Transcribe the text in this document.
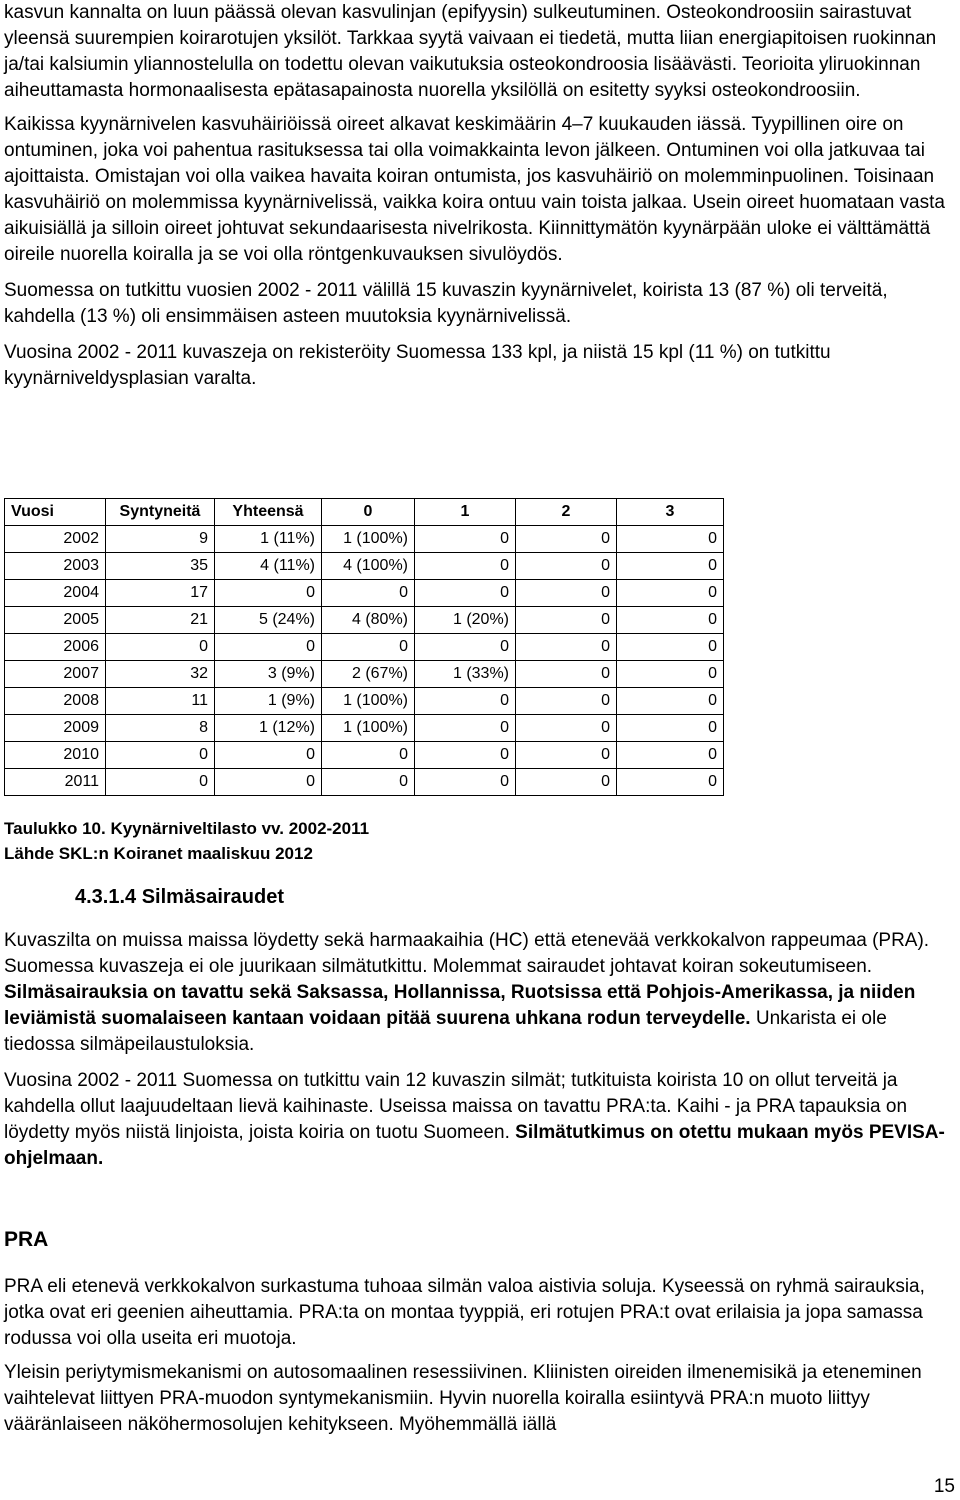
kasvun kannalta on luun päässä olevan kasvulinjan (epifyysin) sulkeutuminen. Osteokondroosiin sairastuvat yleensä suurempien koirarotujen yksilöt. Tarkkaa syytä vaivaan ei tiedetä, mutta liian energiapitoisen ruokinnan ja/tai kalsiumin yliannostelulla on todettu olevan vaikutuksia osteokondroosia lisäävästi. Teorioita yliruokinnan aiheuttamasta hormonaalisesta epätasapainosta nuorella yksilöllä on esitetty syyksi osteokondroosiin.

Kaikissa kyynärnivelen kasvuhäiriöissä oireet alkavat keskimäärin 4–7 kuukauden iässä. Tyypillinen oire on ontuminen, joka voi pahentua rasituksessa tai olla voimakkainta levon jälkeen. Ontuminen voi olla jatkuvaa tai ajoittaista. Omistajan voi olla vaikea havaita koiran ontumista, jos kasvuhäiriö on molemminpuolinen. Toisinaan kasvuhäiriö on molemmissa kyynärnivelissä, vaikka koira ontuu vain toista jalkaa. Usein oireet huomataan vasta aikuisiällä ja silloin oireet johtuvat sekundaarisesta nivelrikosta. Kiinnittymätön kyynärpään uloke ei välttämättä oireile nuorella koiralla ja se voi olla röntgenkuvauksen sivulöydös.

Suomessa on tutkittu vuosien 2002 - 2011 välillä 15 kuvaszin kyynärnivelet, koirista 13 (87 %) oli terveitä, kahdella (13 %) oli ensimmäisen asteen muutoksia kyynärnivelissä.

Vuosina 2002 - 2011 kuvaszeja on rekisteröity Suomessa 133 kpl, ja niistä 15 kpl (11 %) on tutkittu kyynärniveldysplasian varalta.

Vuosi	Syntyneitä	Yhteensä	0	1	2	3
2002	9	1 (11%)	1 (100%)	0	0	0
2003	35	4 (11%)	4 (100%)	0	0	0
2004	17	0	0	0	0	0
2005	21	5 (24%)	4 (80%)	1 (20%)	0	0
2006	0	0	0	0	0	0
2007	32	3 (9%)	2 (67%)	1 (33%)	0	0
2008	11	1 (9%)	1 (100%)	0	0	0
2009	8	1 (12%)	1 (100%)	0	0	0
2010	0	0	0	0	0	0
2011	0	0	0	0	0	0
Taulukko 10. Kyynärniveltilasto vv. 2002-2011
Lähde SKL:n Koiranet maaliskuu 2012
4.3.1.4 Silmäsairaudet

Kuvaszilta on muissa maissa löydetty sekä harmaakaihia (HC) että etenevää verkkokalvon rappeumaa (PRA). Suomessa kuvaszeja ei ole juurikaan silmätutkittu. Molemmat sairaudet johtavat koiran sokeutumiseen. Silmäsairauksia on tavattu sekä Saksassa, Hollannissa, Ruotsissa että Pohjois-Amerikassa, ja niiden leviämistä suomalaiseen kantaan voidaan pitää suurena uhkana rodun terveydelle. Unkarista ei ole tiedossa silmäpeilaustuloksia.

Vuosina 2002 - 2011 Suomessa on tutkittu vain 12 kuvaszin silmät; tutkituista koirista 10 on ollut terveitä ja kahdella ollut laajuudeltaan lievä kaihinaste. Useissa maissa on tavattu PRA:ta. Kaihi - ja PRA tapauksia on löydetty myös niistä linjoista, joista koiria on tuotu Suomeen. Silmätutkimus on otettu mukaan myös PEVISA-ohjelmaan.

PRA

PRA eli etenevä verkkokalvon surkastuma tuhoaa silmän valoa aistivia soluja. Kyseessä on ryhmä sairauksia, jotka ovat eri geenien aiheuttamia. PRA:ta on montaa tyyppiä, eri rotujen PRA:t ovat erilaisia ja jopa samassa rodussa voi olla useita eri muotoja.

Yleisin periytymismekanismi on autosomaalinen resessiivinen. Kliinisten oireiden ilmenemisikä ja eteneminen vaihtelevat liittyen PRA-muodon syntymekanismiin. Hyvin nuorella koiralla esiintyvä PRA:n muoto liittyy vääränlaiseen näköhermosolujen kehitykseen. Myöhemmällä iällä

15
